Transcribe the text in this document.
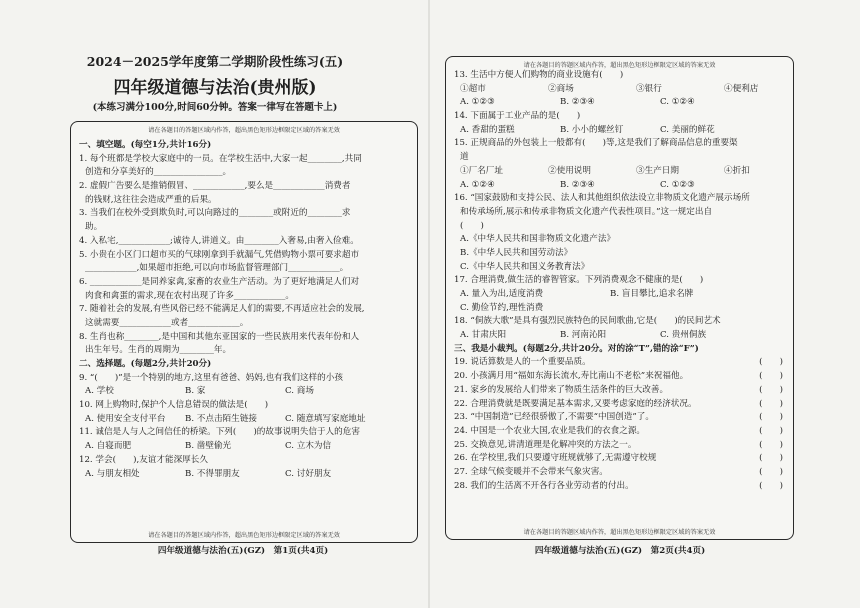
2024－2025学年度第二学期阶段性练习(五)
四年级道德与法治(贵州版)
(本练习满分100分,时间60分钟。答案一律写在答题卡上)
请在各题目的答题区域内作答，超出黑色矩形边框限定区域的答案无效
一、填空题。(每空1分,共计16分)
1. 每个班都是学校大家庭中的一员。在学校生活中,大家一起________,共同
创造和分享美好的________________。
2. 虚假广告要么是推销假冒、____________,要么是____________消费者
的钱财,这往往会造成严重的后果。
3. 当我们在校外受到欺负时,可以向路过的________或附近的________求
助。
4. 入私宅,____________;诚待人,讲道义。由________入奢易,由奢入俭难。
5. 小贵在小区门口超市买的气球刚拿到手就漏气,凭借购物小票可要求超市
____________,如果超市拒绝,可以向市场监督管理部门____________。
6. ____________是同养家禽,家畜的农业生产活动。为了更好地满足人们对
肉食和禽蛋的需求,现在农村出现了许多____________。
7. 随着社会的发展,有些风俗已经不能满足人们的需要,不再适应社会的发展,
这就需要____________或者____________。
8. 生肖也称________,是中国和其他东亚国家的一些民族用来代表年份和人
出生年号。生肖的周期为________年。
二、选择题。(每题2分,共计20分)
9. “(　　)”是一个特别的地方,这里有爸爸、妈妈,也有我们这样的小孩
A. 学校	B. 家	C. 商场
10. 网上购物时,保护个人信息错误的做法是(　　)
A. 使用安全支付平台 B. 不点击陌生链接	C. 随意填写家庭地址
11. 诚信是人与人之间信任的桥梁。下列(　　)的故事说明失信于人的危害
A. 自寝而肥	B. 凿壁偷光	C. 立木为信
12. 学会(　　),友谊才能深厚长久
A. 与朋友相处	B. 不得罪朋友	C. 讨好朋友
请在各题目的答题区域内作答，超出黑色矩形边框限定区域的答案无效
四年级道德与法治(五)(GZ)　第1页(共4页)
请在各题目的答题区域内作答，超出黑色矩形边框限定区域的答案无效
13. 生活中方便人们购物的商业设施有(　　)
①超市	②商场	③银行	④便利店
A. ①②③	B. ②③④	C. ①②④
14. 下面属于工业产品的是(　　)
A. 香甜的蛋糕	B. 小小的螺丝钉	C. 美丽的鲜花
15. 正规商品的外包装上一般都有(　　)等,这是我们了解商品信息的重要渠
道
①厂名厂址	②使用说明	③生产日期	④折扣
A. ①②④	B. ②③④	C. ①②③
16. “国家鼓励和支持公民、法人和其他组织依法设立非物质文化遗产展示场所
和传承场所,展示和传承非物质文化遗产代表性项目。”这一规定出自
(　　)
A.《中华人民共和国非物质文化遗产法》
B.《中华人民共和国劳动法》
C.《中华人民共和国义务教育法》
17. 合理消费,做生活的睿智管家。下列消费观念不健康的是(　　)
A. 量入为出,适度消费	B. 盲目攀比,追求名牌
C. 勤俭节约,理性消费
18. “侗族大歌”是具有强烈民族特色的民间歌曲,它是(　　)的民间艺术
A. 甘肃庆阳	B. 河南沁阳	C. 贵州侗族
三、我是小裁判。(每题2分,共计20分。对的涂“T”,错的涂“F”)
19. 说话算数是人的一个重要品质。	(　　)
20. 小孩满月用“福如东海长流水,寿比南山不老松”来祝福他。	(　　)
21. 家乡的发展给人们带来了物质生活条件的巨大改善。	(　　)
22. 合理消费就是既要满足基本需求,又要考虑家庭的经济状况。	(　　)
23. “中国制造”已经很骄傲了,不需要“中国创造”了。	(　　)
24. 中国是一个农业大国,农业是我们的衣食之源。	(　　)
25. 交换意见,讲清道理是化解冲突的方法之一。	(　　)
26. 在学校里,我们只要遵守班规就够了,无需遵守校规	(　　)
27. 全球气候变暖并不会带来气象灾害。	(　　)
28. 我们的生活离不开各行各业劳动者的付出。	(　　)
请在各题目的答题区域内作答，超出黑色矩形边框限定区域的答案无效
四年级道德与法治(五)(GZ)　第2页(共4页)
